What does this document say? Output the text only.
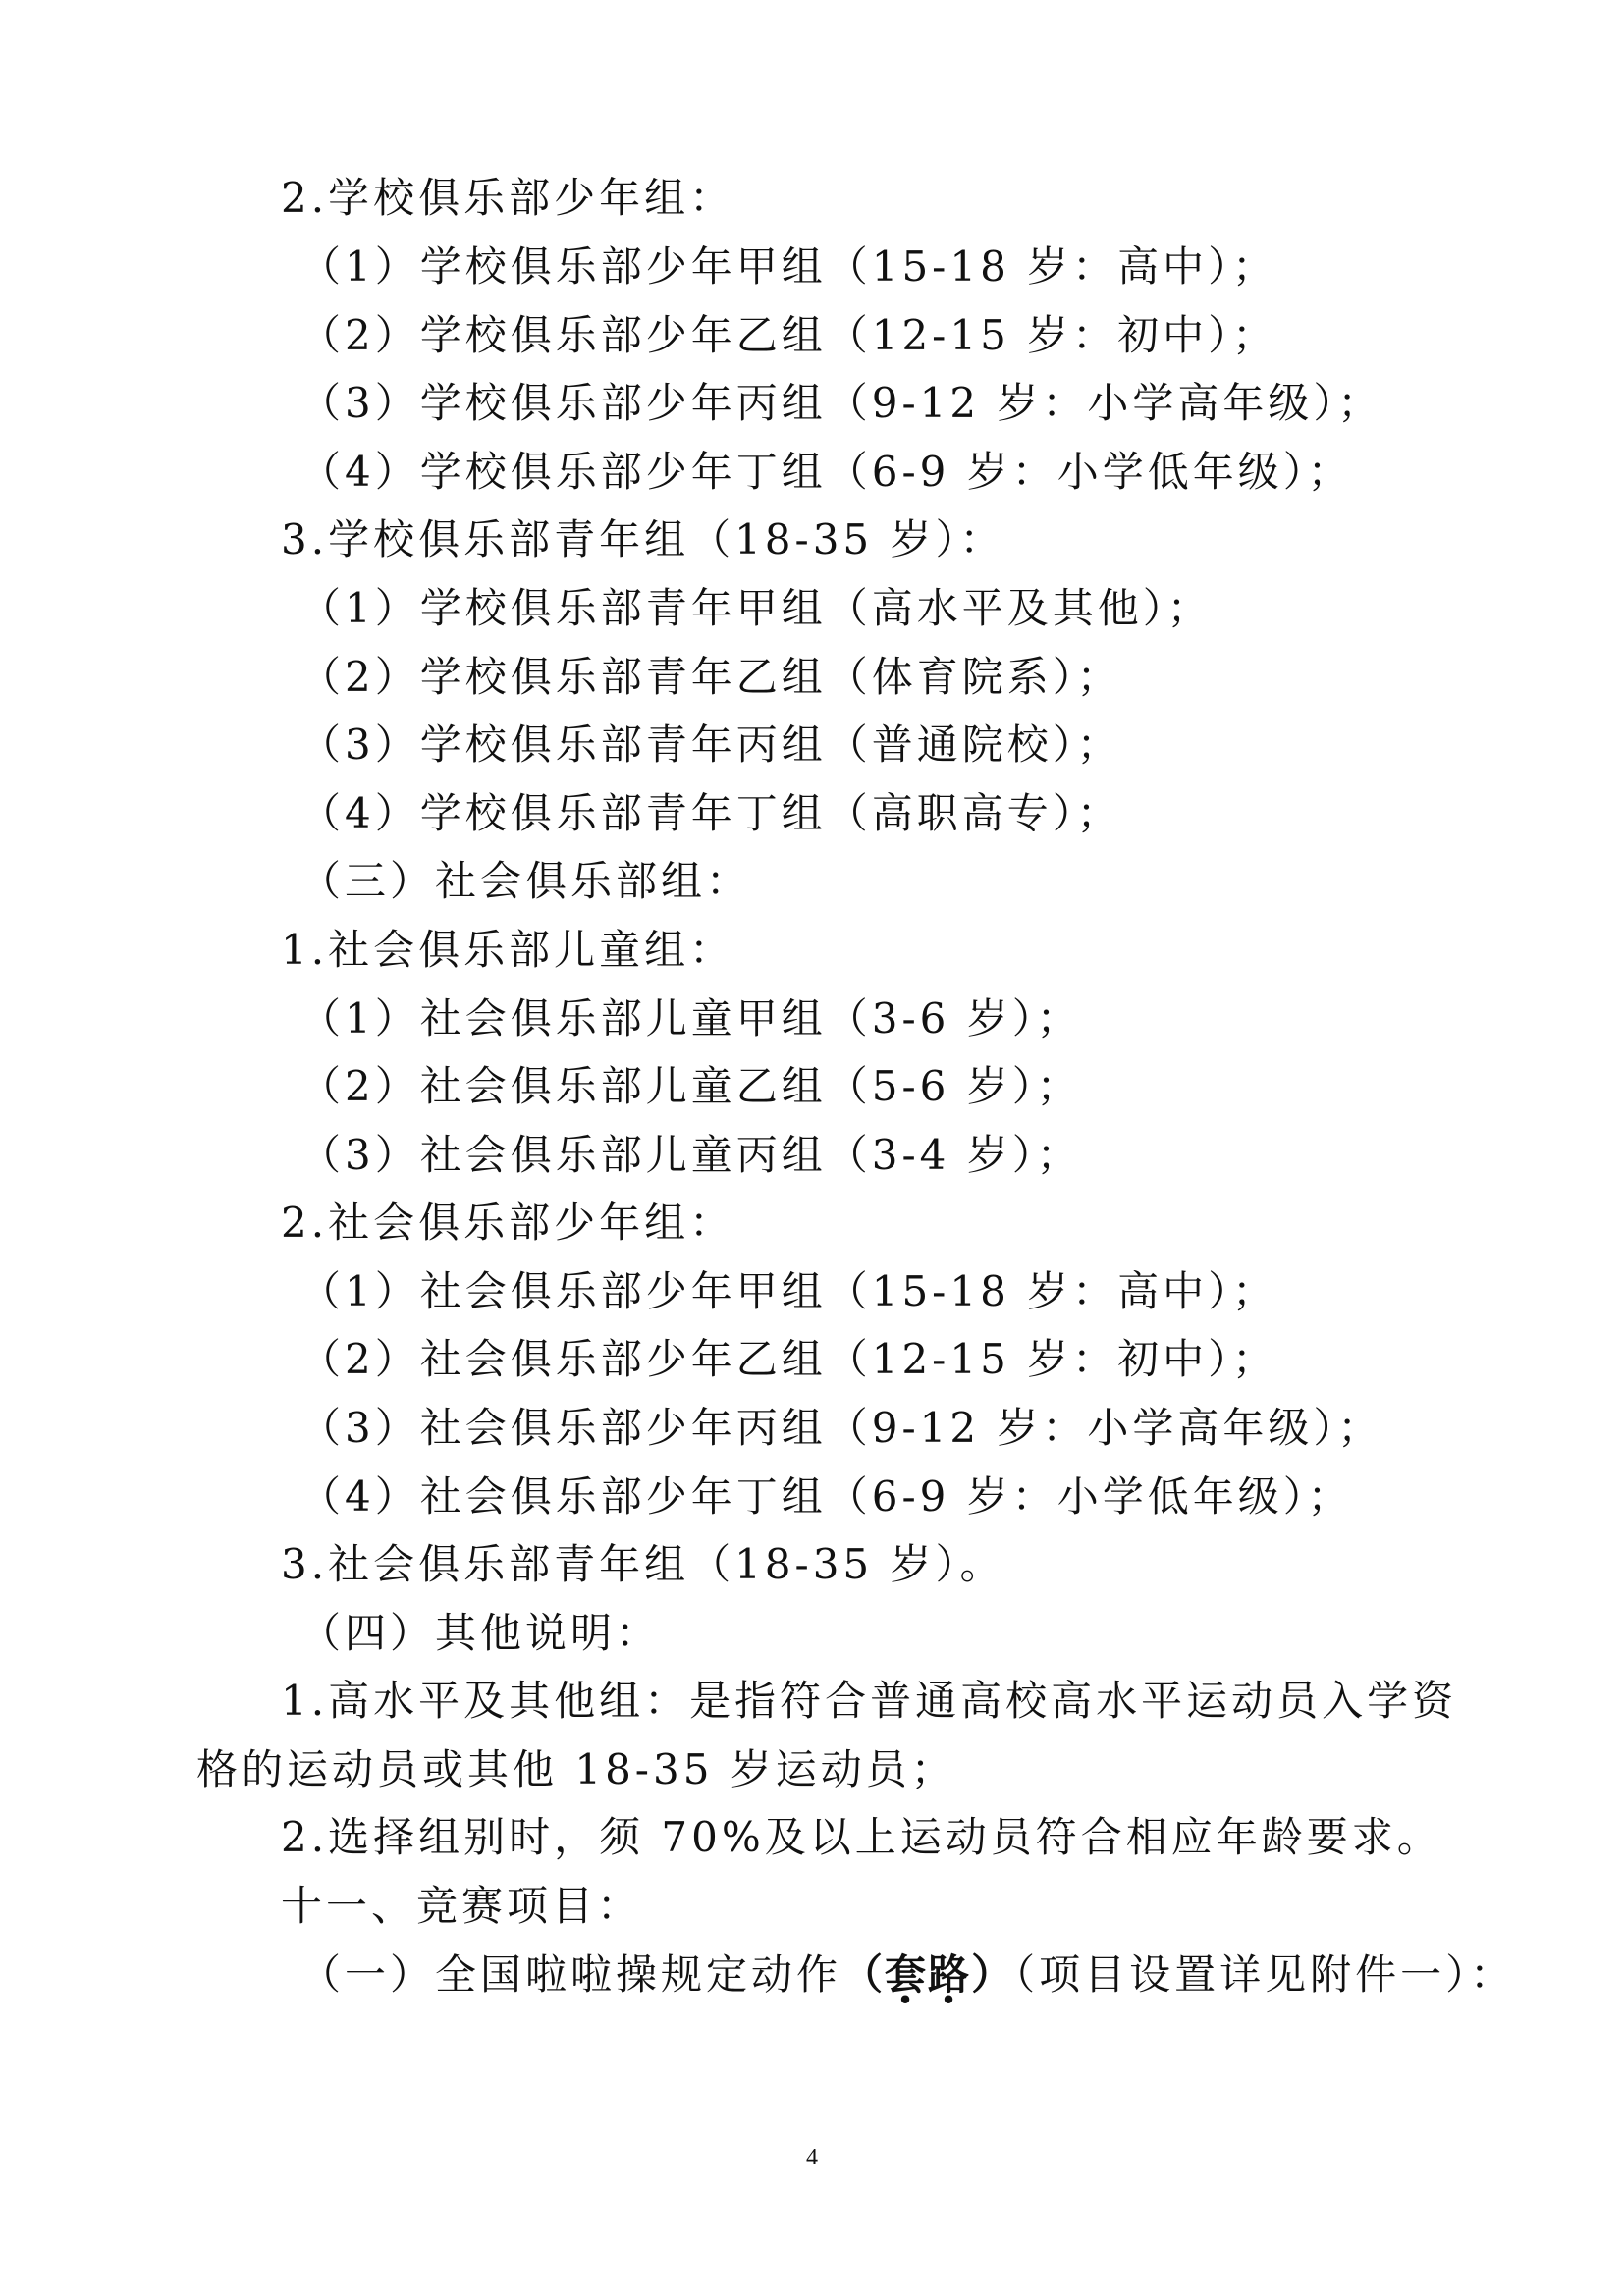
2.学校俱乐部少年组：
（1）学校俱乐部少年甲组（15-18 岁：高中）；
（2）学校俱乐部少年乙组（12-15 岁：初中）；
（3）学校俱乐部少年丙组（9-12 岁：小学高年级）；
（4）学校俱乐部少年丁组（6-9 岁：小学低年级）；
3.学校俱乐部青年组（18-35 岁）：
（1）学校俱乐部青年甲组（高水平及其他）；
（2）学校俱乐部青年乙组（体育院系）；
（3）学校俱乐部青年丙组（普通院校）；
（4）学校俱乐部青年丁组（高职高专）；
（三）社会俱乐部组：
1.社会俱乐部儿童组：
（1）社会俱乐部儿童甲组（3-6 岁）；
（2）社会俱乐部儿童乙组（5-6 岁）；
（3）社会俱乐部儿童丙组（3-4 岁）；
2.社会俱乐部少年组：
（1）社会俱乐部少年甲组（15-18 岁：高中）；
（2）社会俱乐部少年乙组（12-15 岁：初中）；
（3）社会俱乐部少年丙组（9-12 岁：小学高年级）；
（4）社会俱乐部少年丁组（6-9 岁：小学低年级）；
3.社会俱乐部青年组（18-35 岁）。
（四）其他说明：
1.高水平及其他组：是指符合普通高校高水平运动员入学资
格的运动员或其他 18-35 岁运动员；
2.选择组别时，须 70%及以上运动员符合相应年龄要求。
十一、竞赛项目：
（一）全国啦啦操规定动作（套路）（项目设置详见附件一）：
4
